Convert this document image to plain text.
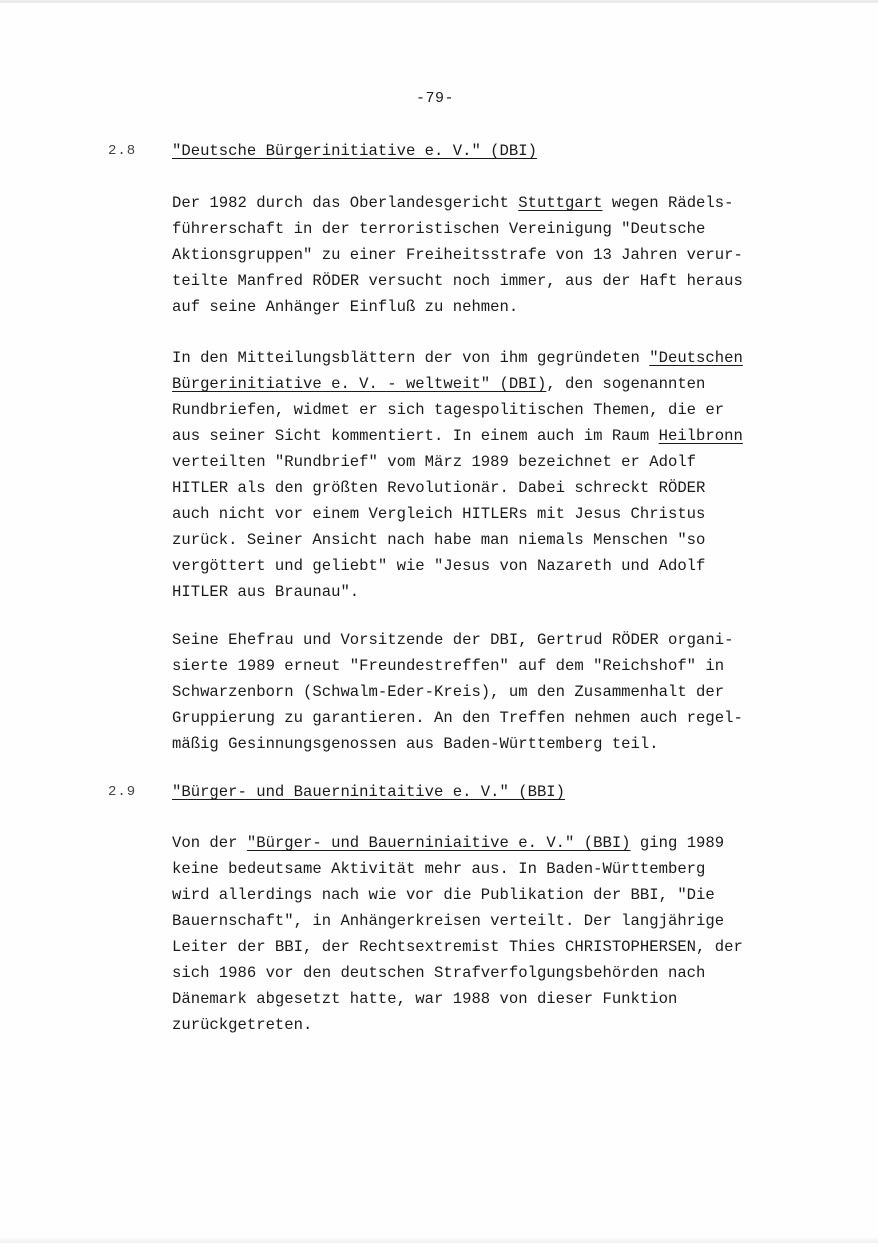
-79-
2.8 "Deutsche Bürgerinitiative e. V." (DBI)
Der 1982 durch das Oberlandesgericht Stuttgart wegen Rädels-
führerschaft in der terroristischen Vereinigung "Deutsche
Aktionsgruppen" zu einer Freiheitsstrafe von 13 Jahren verur-
teilte Manfred RÖDER versucht noch immer, aus der Haft heraus
auf seine Anhänger Einfluß zu nehmen.
In den Mitteilungsblättern der von ihm gegründeten "Deutschen
Bürgerinitiative e. V. - weltweit" (DBI), den sogenannten
Rundbriefen, widmet er sich tagespolitischen Themen, die er
aus seiner Sicht kommentiert. In einem auch im Raum Heilbronn
verteilten "Rundbrief" vom März 1989 bezeichnet er Adolf
HITLER als den größten Revolutionär. Dabei schreckt RÖDER
auch nicht vor einem Vergleich HITLERs mit Jesus Christus
zurück. Seiner Ansicht nach habe man niemals Menschen "so
vergöttert und geliebt" wie "Jesus von Nazareth und Adolf
HITLER aus Braunau".
Seine Ehefrau und Vorsitzende der DBI, Gertrud RÖDER organi-
sierte 1989 erneut "Freundestreffen" auf dem "Reichshof" in
Schwarzenborn (Schwalm-Eder-Kreis), um den Zusammenhalt der
Gruppierung zu garantieren. An den Treffen nehmen auch regel-
mäßig Gesinnungsgenossen aus Baden-Württemberg teil.
2.9 "Bürger- und Bauerninitaitive e. V." (BBI)
Von der "Bürger- und Bauerniniaitive e. V." (BBI) ging 1989
keine bedeutsame Aktivität mehr aus. In Baden-Württemberg
wird allerdings nach wie vor die Publikation der BBI, "Die
Bauernschaft", in Anhängerkreisen verteilt. Der langjährige
Leiter der BBI, der Rechtsextremist Thies CHRISTOPHERSEN, der
sich 1986 vor den deutschen Strafverfolgungsbehörden nach
Dänemark abgesetzt hatte, war 1988 von dieser Funktion
zurückgetreten.
